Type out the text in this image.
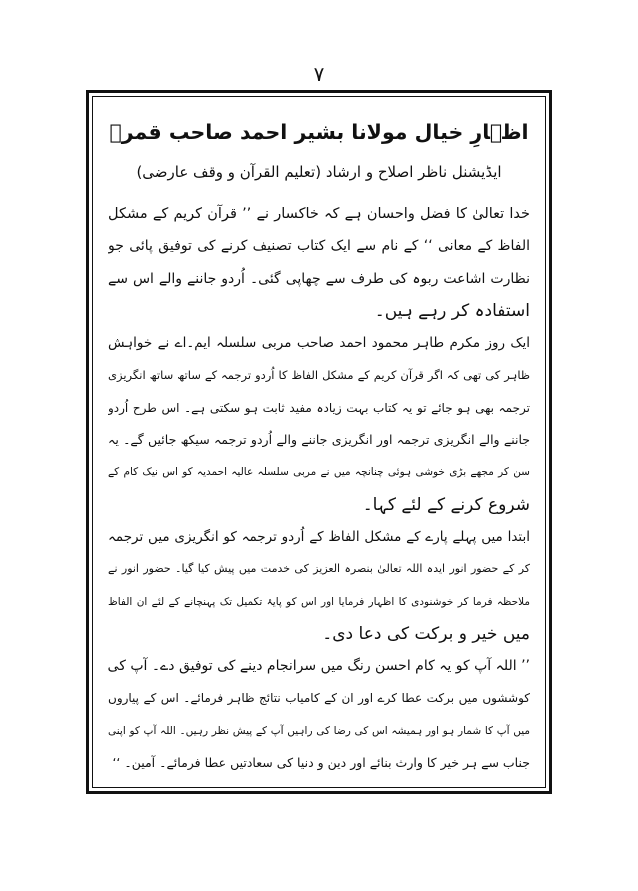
۷
اظہارِ خیال مولانا بشیر احمد صاحب قمرؔ
ایڈیشنل ناظر اصلاح و ارشاد (تعلیم القرآن و وقف عارضی)
خدا تعالیٰ کا فضل واحسان ہے کہ خاکسار نے ’’ قرآن کریم کے مشکل
الفاظ کے معانی ‘‘ کے نام سے ایک کتاب تصنیف کرنے کی توفیق پائی جو
نظارت اشاعت ربوہ کی طرف سے چھاپی گئی۔ اُردو جاننے والے اس سے
استفادہ کر رہے ہیں۔
ایک روز مکرم طاہر محمود احمد صاحب مربی سلسلہ ایم۔اے نے خواہش
ظاہر کی تھی کہ اگر قرآن کریم کے مشکل الفاظ کا اُردو ترجمہ کے ساتھ ساتھ انگریزی
ترجمہ بھی ہو جائے تو یہ کتاب بہت زیادہ مفید ثابت ہو سکتی ہے۔ اس طرح اُردو
جاننے والے انگریزی ترجمہ اور انگریزی جاننے والے اُردو ترجمہ سیکھ جائیں گے۔ یہ
سن کر مجھے بڑی خوشی ہوئی چنانچہ میں نے مربی سلسلہ عالیہ احمدیہ کو اس نیک کام کے
شروع کرنے کے لئے کہا۔
ابتدا میں پہلے پارے کے مشکل الفاظ کے اُردو ترجمہ کو انگریزی میں ترجمہ
کر کے حضور انور ایدہ اللہ تعالیٰ بنصرہ العزیز کی خدمت میں پیش کیا گیا۔ حضور انور نے
ملاحظہ فرما کر خوشنودی کا اظہار فرمایا اور اس کو پایۂ تکمیل تک پہنچانے کے لئے ان الفاظ
میں خیر و برکت کی دعا دی۔
’’ اللہ آپ کو یہ کام احسن رنگ میں سرانجام دینے کی توفیق دے۔ آپ کی
کوششوں میں برکت عطا کرے اور ان کے کامیاب نتائج ظاہر فرمائے۔ اس کے پیاروں
میں آپ کا شمار ہو اور ہمیشہ اس کی رضا کی راہیں آپ کے پیش نظر رہیں۔ اللہ آپ کو اپنی
جناب سے ہر خیر کا وارث بنائے اور دین و دنیا کی سعادتیں عطا فرمائے۔ آمین۔ ‘‘
